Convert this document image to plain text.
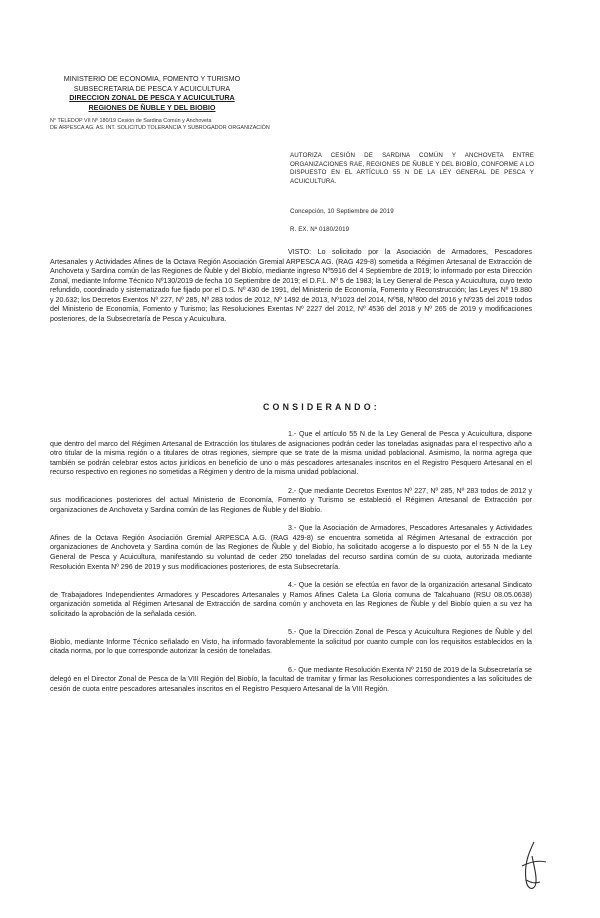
MINISTERIO DE ECONOMIA, FOMENTO Y TURISMO
SUBSECRETARIA DE PESCA Y ACUICULTURA
DIRECCION ZONAL DE PESCA Y ACUICULTURA
REGIONES DE ÑUBLE Y DEL BIOBIO
N° TELEDOP VII Nº 180/19 Cesión de Sardina Común y Anchoveta
DE ARPESCA AG. AS. INT. SOLICITUD TOLERANCIA Y SUBROGADOR ORGANIZACIÓN
AUTORIZA CESIÓN DE SARDINA COMÚN Y ANCHOVETA ENTRE ORGANIZACIONES RAE, REGIONES DE ÑUBLE Y DEL BIOBÍO, CONFORME A LO DISPUESTO EN EL ARTÍCULO 55 N DE LA LEY GENERAL DE PESCA Y ACUICULTURA.
Concepción, 10 Septiembre de 2019
R. EX. Nº 0180/2019
VISTO: Lo solicitado por la Asociación de Armadores, Pescadores Artesanales y Actividades Afines de la Octava Región Asociación Gremial ARPESCA AG. (RAG 429-8) sometida a Régimen Artesanal de Extracción de Anchoveta y Sardina común de las Regiones de Ñuble y del Biobío, mediante ingreso Nº5916 del 4 Septiembre de 2019; lo informado por esta Dirección Zonal, mediante Informe Técnico Nº130/2019 de fecha 10 Septiembre de 2019; el D.F.L. Nº 5 de 1983; la Ley General de Pesca y Acuicultura, cuyo texto refundido, coordinado y sistematizado fue fijado por el D.S. Nº 430 de 1991, del Ministerio de Economía, Fomento y Reconstrucción; las Leyes Nº 19.880 y 20.632; los Decretos Exentos Nº 227, Nº 285, Nº 283 todos de 2012, Nº 1492 de 2013, Nº1023 del 2014, Nº58, Nº800 del 2016 y Nº235 del 2019 todos del Ministerio de Economía, Fomento y Turismo; las Resoluciones Exentas Nº 2227 del 2012, Nº 4536 del 2018 y Nº 265 de 2019 y modificaciones posteriores, de la Subsecretaría de Pesca y Acuicultura.
CONSIDERANDO:

1.- Que el artículo 55 N de la Ley General de Pesca y Acuicultura, dispone que dentro del marco del Régimen Artesanal de Extracción los titulares de asignaciones podrán ceder las toneladas asignadas para el respectivo año a otro titular de la misma región o a titulares de otras regiones, siempre que se trate de la misma unidad poblacional. Asimismo, la norma agrega que también se podrán celebrar estos actos jurídicos en beneficio de uno o más pescadores artesanales inscritos en el Registro Pesquero Artesanal en el recurso respectivo en regiones no sometidas a Régimen y dentro de la misma unidad poblacional.

2.- Que mediante Decretos Exentos Nº 227, Nº 285, Nº 283 todos de 2012 y sus modificaciones posteriores del actual Ministerio de Economía, Fomento y Turismo se estableció el Régimen Artesanal de Extracción por organizaciones de Anchoveta y Sardina común de las Regiones de Ñuble y del Biobío.

3.- Que la Asociación de Armadores, Pescadores Artesanales y Actividades Afines de la Octava Región Asociación Gremial ARPESCA A.G. (RAG 429-8) se encuentra sometida al Régimen Artesanal de extracción por organizaciones de Anchoveta y Sardina común de las Regiones de Ñuble y del Biobío, ha solicitado acogerse a lo dispuesto por el 55 N de la Ley General de Pesca y Acuicultura, manifestando su voluntad de ceder 250 toneladas del recurso sardina común de su cuota, autorizada mediante Resolución Exenta Nº 296 de 2019 y sus modificaciones posteriores, de esta Subsecretaría.

4.- Que la cesión se efectúa en favor de la organización artesanal Sindicato de Trabajadores Independientes Armadores y Pescadores Artesanales y Ramos Afines Caleta La Gloria comuna de Talcahuano (RSU 08.05.0638) organización sometida al Régimen Artesanal de Extracción de sardina común y anchoveta en las Regiones de Ñuble y del Biobío quien a su vez ha solicitado la aprobación de la señalada cesión.

5.- Que la Dirección Zonal de Pesca y Acuicultura Regiones de Ñuble y del Biobío, mediante Informe Técnico señalado en Visto, ha informado favorablemente la solicitud por cuanto cumple con los requisitos establecidos en la citada norma, por lo que corresponde autorizar la cesión de toneladas.

6.- Que mediante Resolución Exenta Nº 2150 de 2019 de la Subsecretaría se delegó en el Director Zonal de Pesca de la VIII Región del Biobío, la facultad de tramitar y firmar las Resoluciones correspondientes a las solicitudes de cesión de cuota entre pescadores artesanales inscritos en el Registro Pesquero Artesanal de la VIII Región.
